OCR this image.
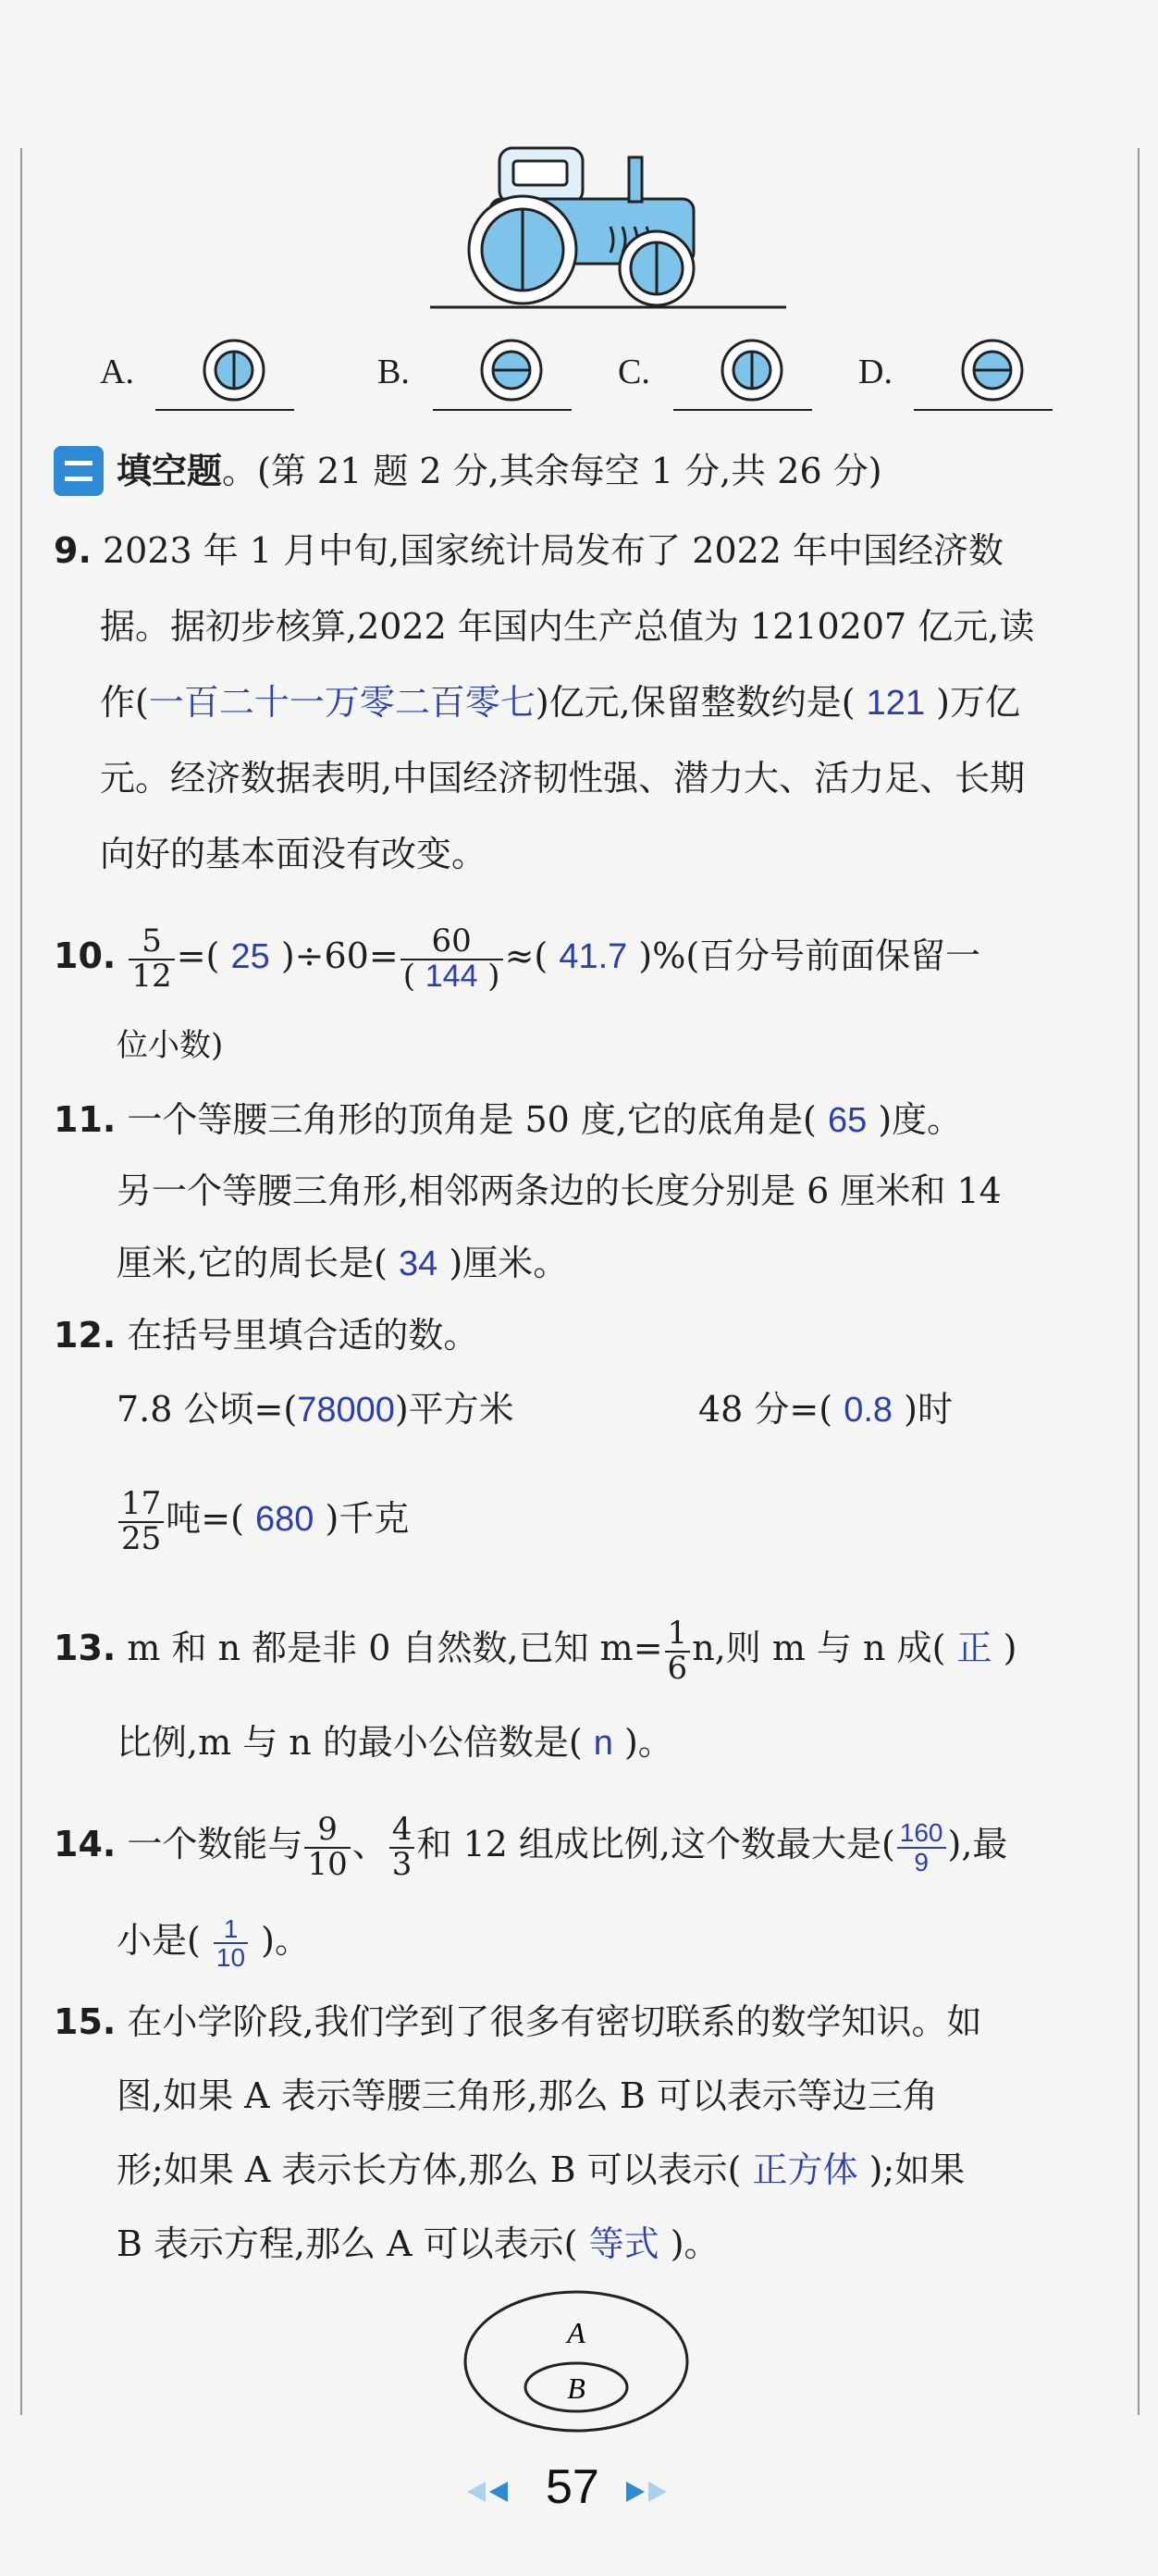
A.	B.	C.	D.
填空题。(第 21 题 2 分,其余每空 1 分,共 26 分)
9. 2023 年 1 月中旬,国家统计局发布了 2022 年中国经济数
据。据初步核算,2022 年国内生产总值为 1210207 亿元,读
作(一百二十一万零二百零七)亿元,保留整数约是( 121 )万亿
元。经济数据表明,中国经济韧性强、潜力大、活力足、长期
向好的基本面没有改变。
10. $\frac{5}{12}$ =( 25 )$\div 60= \frac{60}{( 144 )}$ ≈( 41.7 )%(百分号前面保留一
位小数)
11. 一个等腰三角形的顶角是 50 度,它的底角是( 65 )度。
另一个等腰三角形,相邻两条边的长度分别是 6 厘米和 14
厘米,它的周长是( 34 )厘米。
12. 在括号里填合适的数。
7.8 公顷=(78000)平方米	48 分=( 0.8 )时
$\frac{17}{25}$ 吨=( 680 )千克
13. m 和 n 都是非 0 自然数,已知 $m= \frac{1}{6} n$,则 m 与 n 成( 正 )
比例,m 与 n 的最小公倍数是( n )。
14. 一个数能与 $\frac{9}{10}$ 、 $\frac{4}{3}$ 和 12 组成比例,这个数最大是( $\frac{160}{9}$ ),最
小是( $\frac{1}{10}$ )。
15. 在小学阶段,我们学到了很多有密切联系的数学知识。如
图,如果 A 表示等腰三角形,那么 B 可以表示等边三角
形;如果 A 表示长方体,那么 B 可以表示( 正方体 );如果
B 表示方程,那么 A 可以表示( 等式 )。
A
B
57
